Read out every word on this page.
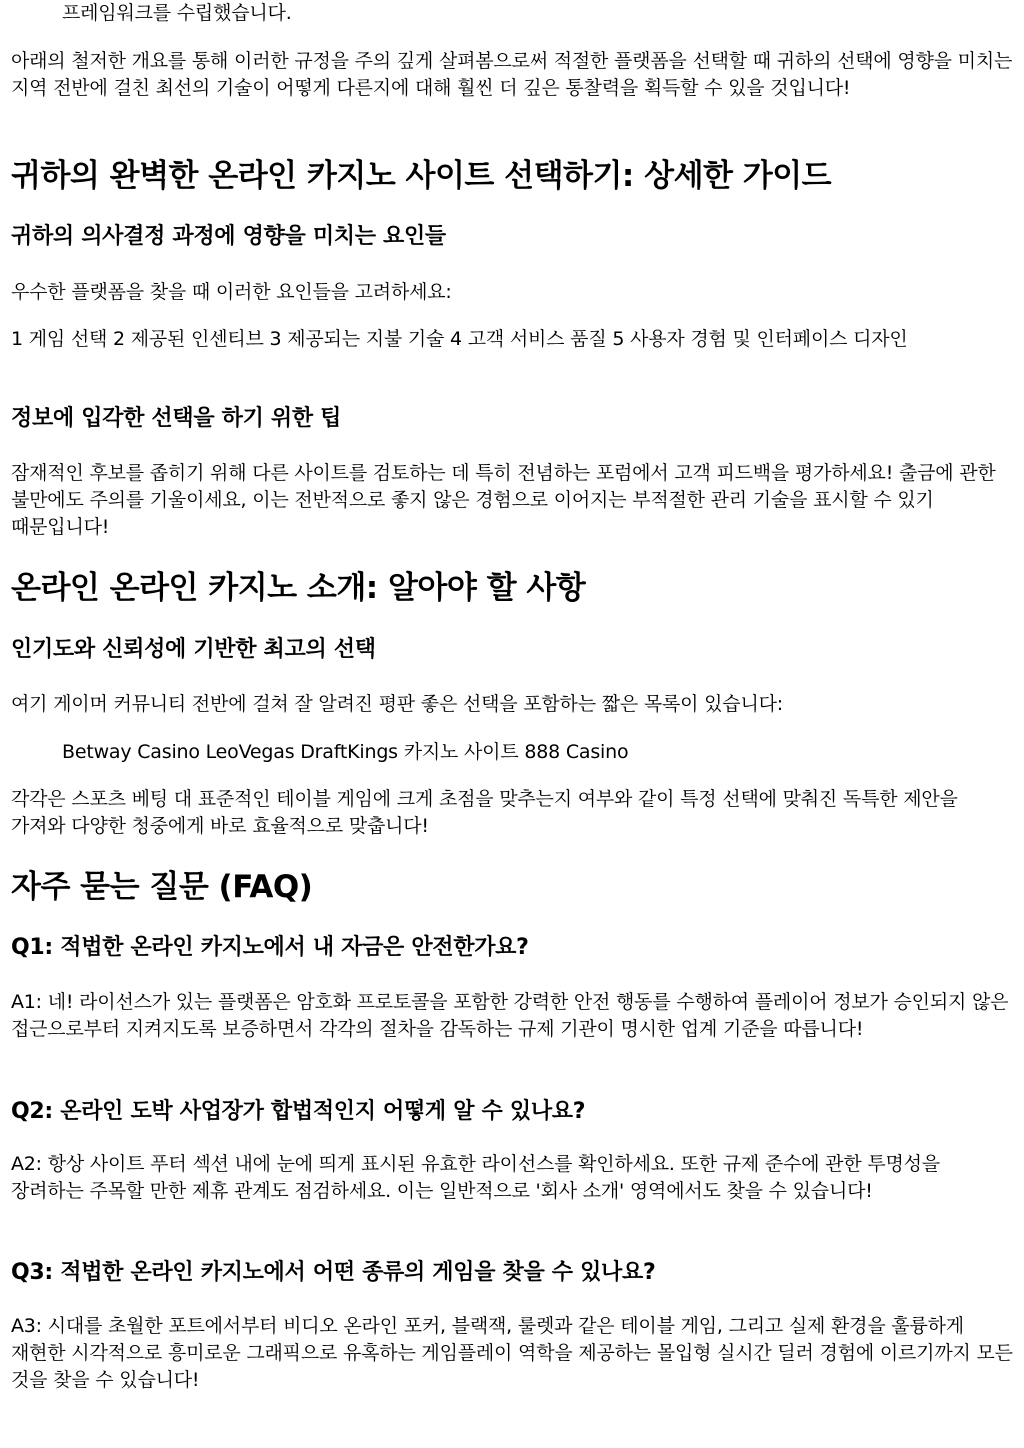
프레임워크를 수립했습니다.

아래의 철저한 개요를 통해 이러한 규정을 주의 깊게 살펴봄으로써 적절한 플랫폼을 선택할 때 귀하의 선택에 영향을 미치는 지역 전반에 걸친 최선의 기술이 어떻게 다른지에 대해 훨씬 더 깊은 통찰력을 획득할 수 있을 것입니다!

귀하의 완벽한 온라인 카지노 사이트 선택하기: 상세한 가이드
귀하의 의사결정 과정에 영향을 미치는 요인들

우수한 플랫폼을 찾을 때 이러한 요인들을 고려하세요:

1 게임 선택 2 제공된 인센티브 3 제공되는 지불 기술 4 고객 서비스 품질 5 사용자 경험 및 인터페이스 디자인

정보에 입각한 선택을 하기 위한 팁

잠재적인 후보를 좁히기 위해 다른 사이트를 검토하는 데 특히 전념하는 포럼에서 고객 피드백을 평가하세요! 출금에 관한 불만에도 주의를 기울이세요, 이는 전반적으로 좋지 않은 경험으로 이어지는 부적절한 관리 기술을 표시할 수 있기 때문입니다!

온라인 온라인 카지노 소개: 알아야 할 사항
인기도와 신뢰성에 기반한 최고의 선택

여기 게이머 커뮤니티 전반에 걸쳐 잘 알려진 평판 좋은 선택을 포함하는 짧은 목록이 있습니다:

Betway Casino LeoVegas DraftKings 카지노 사이트 888 Casino

각각은 스포츠 베팅 대 표준적인 테이블 게임에 크게 초점을 맞추는지 여부와 같이 특정 선택에 맞춰진 독특한 제안을 가져와 다양한 청중에게 바로 효율적으로 맞춥니다!

자주 묻는 질문 (FAQ)
Q1: 적법한 온라인 카지노에서 내 자금은 안전한가요?

A1: 네! 라이선스가 있는 플랫폼은 암호화 프로토콜을 포함한 강력한 안전 행동를 수행하여 플레이어 정보가 승인되지 않은 접근으로부터 지켜지도록 보증하면서 각각의 절차을 감독하는 규제 기관이 명시한 업계 기준을 따릅니다!

Q2: 온라인 도박 사업장가 합법적인지 어떻게 알 수 있나요?

A2: 항상 사이트 푸터 섹션 내에 눈에 띄게 표시된 유효한 라이선스를 확인하세요. 또한 규제 준수에 관한 투명성을 장려하는 주목할 만한 제휴 관계도 점검하세요. 이는 일반적으로 '회사 소개' 영역에서도 찾을 수 있습니다!

Q3: 적법한 온라인 카지노에서 어떤 종류의 게임을 찾을 수 있나요?

A3: 시대를 초월한 포트에서부터 비디오 온라인 포커, 블랙잭, 룰렛과 같은 테이블 게임, 그리고 실제 환경을 훌륭하게 재현한 시각적으로 흥미로운 그래픽으로 유혹하는 게임플레이 역학을 제공하는 몰입형 실시간 딜러 경험에 이르기까지 모든 것을 찾을 수 있습니다!
